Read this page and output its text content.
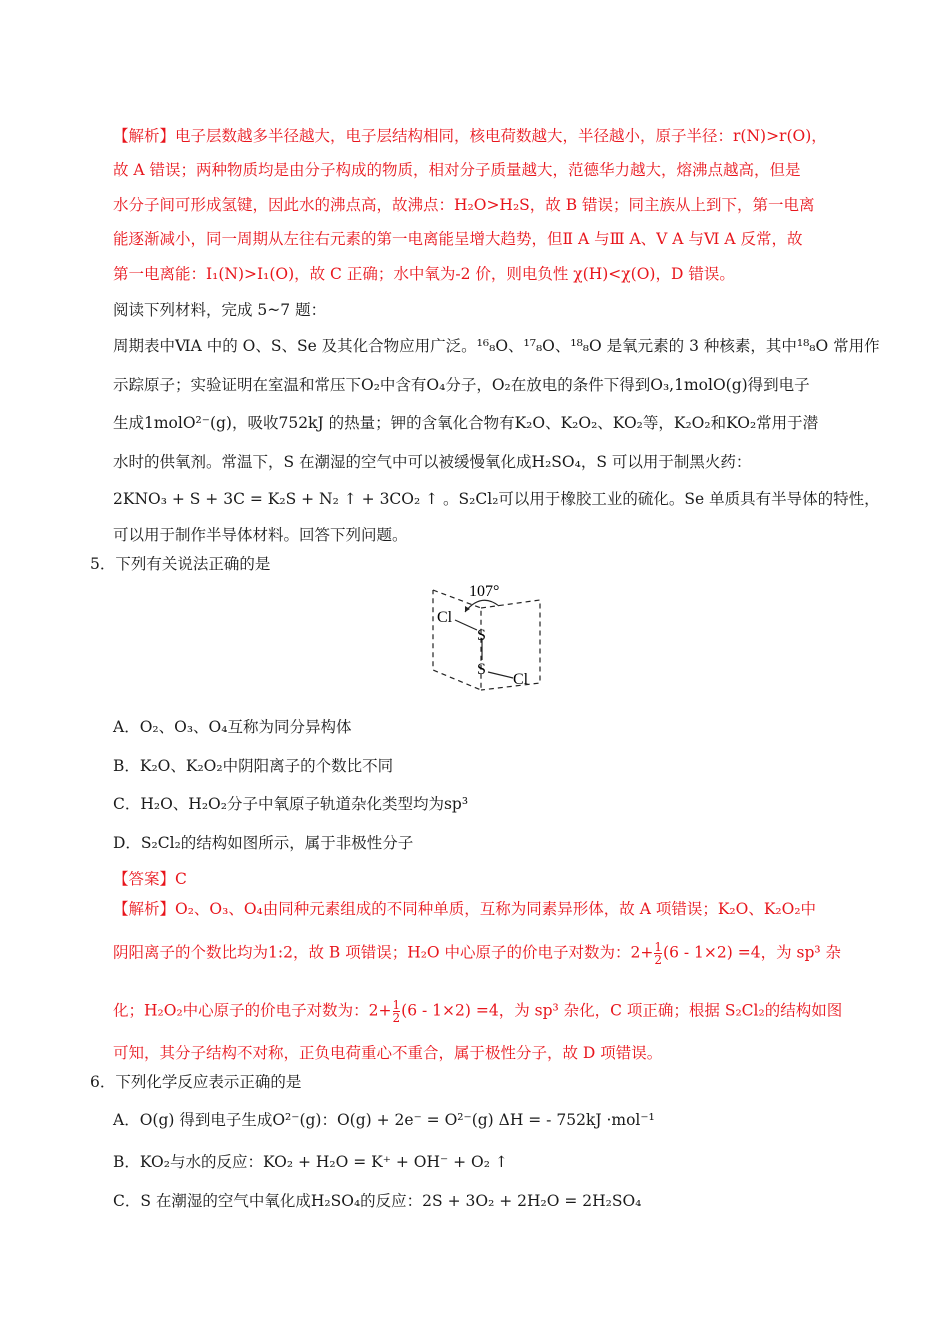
【解析】电子层数越多半径越大，电子层结构相同，核电荷数越大，半径越小，原子半径：r(N)>r(O)，
故 A 错误；两种物质均是由分子构成的物质，相对分子质量越大，范德华力越大，熔沸点越高，但是
水分子间可形成氢键，因此水的沸点高，故沸点：H₂O>H₂S，故 B 错误；同主族从上到下，第一电离
能逐渐减小，同一周期从左往右元素的第一电离能呈增大趋势，但Ⅱ A 与Ⅲ A、Ⅴ A 与Ⅵ A 反常，故
第一电离能：I₁(N)>I₁(O)，故 C 正确；水中氧为-2 价，则电负性 χ(H)<χ(O)，D 错误。
阅读下列材料，完成 5~7 题：
周期表中ⅥA 中的 O、S、Se 及其化合物应用广泛。¹⁶₈O、¹⁷₈O、¹⁸₈O 是氧元素的 3 种核素，其中¹⁸₈O 常用作
示踪原子；实验证明在室温和常压下O₂中含有O₄分子，O₂在放电的条件下得到O₃,1molO(g)得到电子
生成1molO²⁻(g)，吸收752kJ 的热量；钾的含氧化合物有K₂O、K₂O₂、KO₂等，K₂O₂和KO₂常用于潜
水时的供氧剂。常温下，S 在潮湿的空气中可以被缓慢氧化成H₂SO₄，S 可以用于制黑火药：
2KNO₃ + S + 3C = K₂S + N₂ ↑ + 3CO₂ ↑ 。S₂Cl₂可以用于橡胶工业的硫化。Se 单质具有半导体的特性，
可以用于制作半导体材料。回答下列问题。
5．下列有关说法正确的是
107°
Cl
S
S
Cl
A．O₂、O₃、O₄互称为同分异构体
B．K₂O、K₂O₂中阴阳离子的个数比不同
C．H₂O、H₂O₂分子中氧原子轨道杂化类型均为sp³
D．S₂Cl₂的结构如图所示，属于非极性分子
【答案】C
【解析】O₂、O₃、O₄由同种元素组成的不同种单质，互称为同素异形体，故 A 项错误；K₂O、K₂O₂中
阴阳离子的个数比均为1:2，故 B 项错误；H₂O 中心原子的价电子对数为：$2+ \frac{1}{2} (6 - 1\times 2) =4$，为 sp³ 杂
化；H₂O₂中心原子的价电子对数为：$2+ \frac{1}{2} (6 - 1\times 2) =4$，为 sp³ 杂化，C 项正确；根据 S₂Cl₂的结构如图
可知，其分子结构不对称，正负电荷重心不重合，属于极性分子，故 D 项错误。
6．下列化学反应表示正确的是
A．O(g) 得到电子生成O²⁻(g)：O(g) + 2e⁻ = O²⁻(g) ΔH = - 752kJ ·mol⁻¹
B．KO₂与水的反应：KO₂ + H₂O = K⁺ + OH⁻ + O₂ ↑
C．S 在潮湿的空气中氧化成H₂SO₄的反应：2S + 3O₂ + 2H₂O = 2H₂SO₄
